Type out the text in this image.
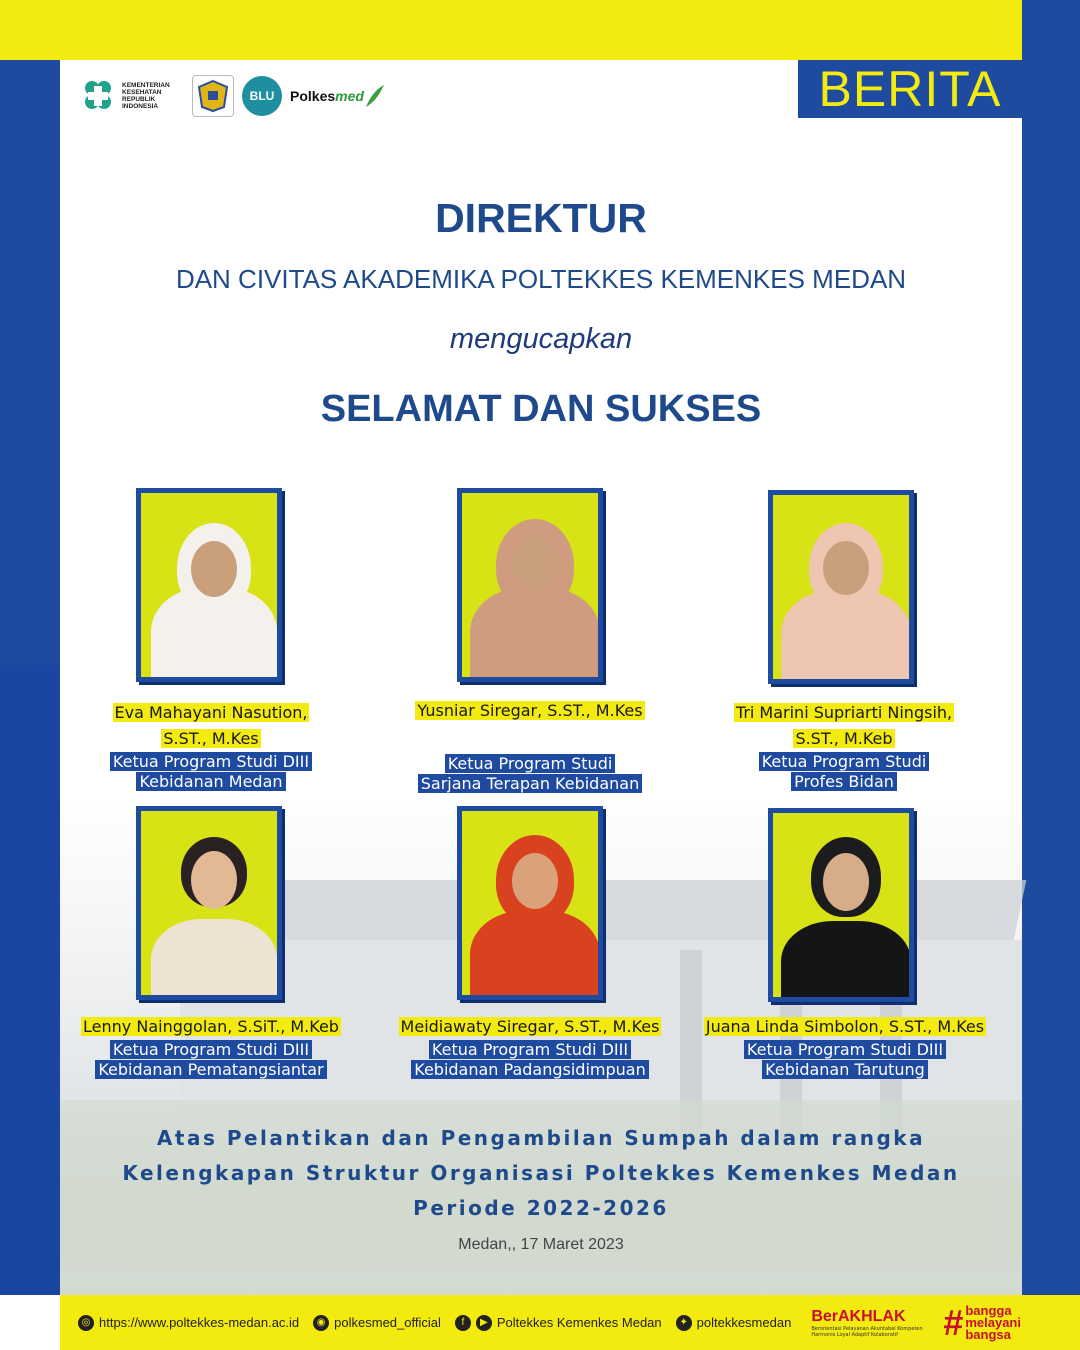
KEMENTERIAN KESEHATAN REPUBLIK INDONESIA
BLU	Polkes med	BERITA
DIREKTUR
DAN CIVITAS AKADEMIKA POLTEKKES KEMENKES MEDAN
mengucapkan
SELAMAT DAN SUKSES
Eva Mahayani Nasution,
S.ST., M.Kes
Ketua Program Studi DIII
Kebidanan Medan
Yusniar Siregar, S.ST., M.Kes

Ketua Program Studi
Sarjana Terapan Kebidanan
Tri Marini Supriarti Ningsih,
S.ST., M.Keb
Ketua Program Studi
Profes Bidan
Lenny Nainggolan, S.SiT., M.Keb
Ketua Program Studi DIII
Kebidanan Pematangsiantar
Meidiawaty Siregar, S.ST., M.Kes
Ketua Program Studi DIII
Kebidanan Padangsidimpuan
Juana Linda Simbolon, S.ST., M.Kes
Ketua Program Studi DIII
Kebidanan Tarutung
Atas Pelantikan dan Pengambilan Sumpah dalam rangka
Kelengkapan Struktur Organisasi Poltekkes Kemenkes Medan
Periode 2022-2026
Medan,, 17 Maret 2023
◎ https://www.poltekkes-medan.ac.id	◉ polkesmed_official	f	▶ Poltekkes Kemenkes Medan	✦ poltekkesmedan BerAKHLAK
Berorientasi Pelayanan Akuntabel Kompeten Harmonis Loyal Adaptif Kolaboratif	# bangga
melayani
bangsa
